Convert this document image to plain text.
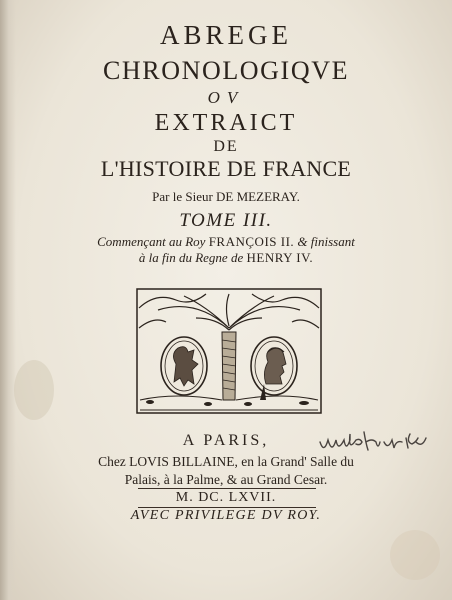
ABREGE
CHRONOLOGIQVE
OV
EXTRAICT
DE
L'HISTOIRE DE FRANCE
Par le Sieur DE MEZERAY.
TOME III.
Commençant au Roy FRANÇOIS II. & finissant
à la fin du Regne de HENRY IV.
A PARIS,
Chez LOVIS BILLAINE, en la Grand' Salle du
Palais, à la Palme, & au Grand Cesar.
M. DC. LXVII.
AVEC PRIVILEGE DV ROY.
